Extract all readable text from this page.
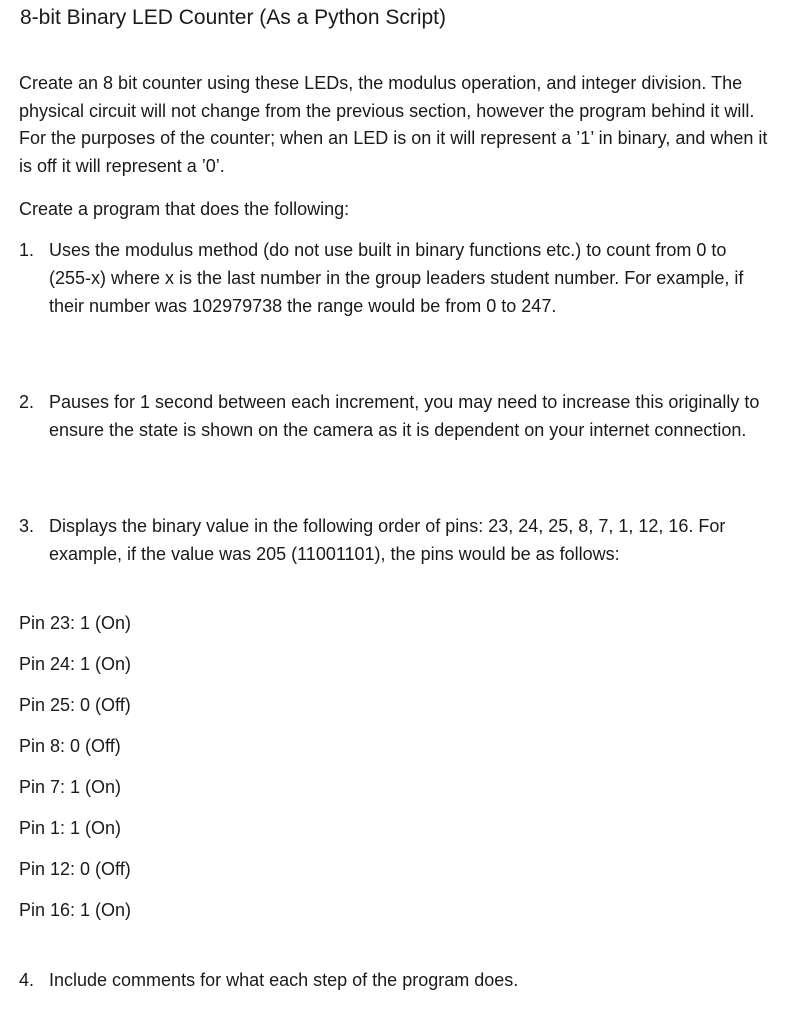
8-bit Binary LED Counter (As a Python Script)

Create an 8 bit counter using these LEDs, the modulus operation, and integer division. The physical circuit will not change from the previous section, however the program behind it will. For the purposes of the counter; when an LED is on it will represent a ’1’ in binary, and when it is off it will represent a ’0’.

Create a program that does the following:

1. Uses the modulus method (do not use built in binary functions etc.) to count from 0 to (255-x) where x is the last number in the group leaders student number. For example, if their number was 102979738 the range would be from 0 to 247.
2. Pauses for 1 second between each increment, you may need to increase this originally to ensure the state is shown on the camera as it is dependent on your internet connection.
3. Displays the binary value in the following order of pins: 23, 24, 25, 8, 7, 1, 12, 16. For example, if the value was 205 (11001101), the pins would be as follows:
Pin 23: 1 (On)
Pin 24: 1 (On)
Pin 25: 0 (Off)
Pin 8: 0 (Off)
Pin 7: 1 (On)
Pin 1: 1 (On)
Pin 12: 0 (Off)
Pin 16: 1 (On)
4. Include comments for what each step of the program does.
